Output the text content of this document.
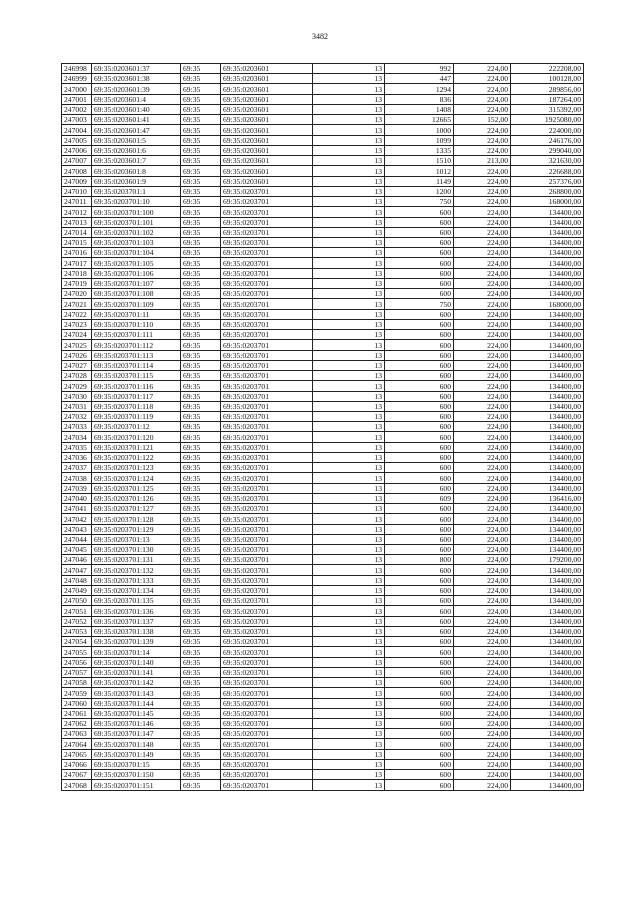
3482
246998	69:35:0203601:37	69:35	69:35:0203601	13	992	224,00	222208,00
246999	69:35:0203601:38	69:35	69:35:0203601	13	447	224,00	100128,00
247000	69:35:0203601:39	69:35	69:35:0203601	13	1294	224,00	289856,00
247001	69:35:0203601:4	69:35	69:35:0203601	13	836	224,00	187264,00
247002	69:35:0203601:40	69:35	69:35:0203601	13	1408	224,00	315392,00
247003	69:35:0203601:41	69:35	69:35:0203601	13	12665	152,00	1925080,00
247004	69:35:0203601:47	69:35	69:35:0203601	13	1000	224,00	224000,00
247005	69:35:0203601:5	69:35	69:35:0203601	13	1099	224,00	246176,00
247006	69:35:0203601:6	69:35	69:35:0203601	13	1335	224,00	299040,00
247007	69:35:0203601:7	69:35	69:35:0203601	13	1510	213,00	321630,00
247008	69:35:0203601:8	69:35	69:35:0203601	13	1012	224,00	226688,00
247009	69:35:0203601:9	69:35	69:35:0203601	13	1149	224,00	257376,00
247010	69:35:0203701:1	69:35	69:35:0203701	13	1200	224,00	268800,00
247011	69:35:0203701:10	69:35	69:35:0203701	13	750	224,00	168000,00
247012	69:35:0203701:100	69:35	69:35:0203701	13	600	224,00	134400,00
247013	69:35:0203701:101	69:35	69:35:0203701	13	600	224,00	134400,00
247014	69:35:0203701:102	69:35	69:35:0203701	13	600	224,00	134400,00
247015	69:35:0203701:103	69:35	69:35:0203701	13	600	224,00	134400,00
247016	69:35:0203701:104	69:35	69:35:0203701	13	600	224,00	134400,00
247017	69:35:0203701:105	69:35	69:35:0203701	13	600	224,00	134400,00
247018	69:35:0203701:106	69:35	69:35:0203701	13	600	224,00	134400,00
247019	69:35:0203701:107	69:35	69:35:0203701	13	600	224,00	134400,00
247020	69:35:0203701:108	69:35	69:35:0203701	13	600	224,00	134400,00
247021	69:35:0203701:109	69:35	69:35:0203701	13	750	224,00	168000,00
247022	69:35:0203701:11	69:35	69:35:0203701	13	600	224,00	134400,00
247023	69:35:0203701:110	69:35	69:35:0203701	13	600	224,00	134400,00
247024	69:35:0203701:111	69:35	69:35:0203701	13	600	224,00	134400,00
247025	69:35:0203701:112	69:35	69:35:0203701	13	600	224,00	134400,00
247026	69:35:0203701:113	69:35	69:35:0203701	13	600	224,00	134400,00
247027	69:35:0203701:114	69:35	69:35:0203701	13	600	224,00	134400,00
247028	69:35:0203701:115	69:35	69:35:0203701	13	600	224,00	134400,00
247029	69:35:0203701:116	69:35	69:35:0203701	13	600	224,00	134400,00
247030	69:35:0203701:117	69:35	69:35:0203701	13	600	224,00	134400,00
247031	69:35:0203701:118	69:35	69:35:0203701	13	600	224,00	134400,00
247032	69:35:0203701:119	69:35	69:35:0203701	13	600	224,00	134400,00
247033	69:35:0203701:12	69:35	69:35:0203701	13	600	224,00	134400,00
247034	69:35:0203701:120	69:35	69:35:0203701	13	600	224,00	134400,00
247035	69:35:0203701:121	69:35	69:35:0203701	13	600	224,00	134400,00
247036	69:35:0203701:122	69:35	69:35:0203701	13	600	224,00	134400,00
247037	69:35:0203701:123	69:35	69:35:0203701	13	600	224,00	134400,00
247038	69:35:0203701:124	69:35	69:35:0203701	13	600	224,00	134400,00
247039	69:35:0203701:125	69:35	69:35:0203701	13	600	224,00	134400,00
247040	69:35:0203701:126	69:35	69:35:0203701	13	609	224,00	136416,00
247041	69:35:0203701:127	69:35	69:35:0203701	13	600	224,00	134400,00
247042	69:35:0203701:128	69:35	69:35:0203701	13	600	224,00	134400,00
247043	69:35:0203701:129	69:35	69:35:0203701	13	600	224,00	134400,00
247044	69:35:0203701:13	69:35	69:35:0203701	13	600	224,00	134400,00
247045	69:35:0203701:130	69:35	69:35:0203701	13	600	224,00	134400,00
247046	69:35:0203701:131	69:35	69:35:0203701	13	800	224,00	179200,00
247047	69:35:0203701:132	69:35	69:35:0203701	13	600	224,00	134400,00
247048	69:35:0203701:133	69:35	69:35:0203701	13	600	224,00	134400,00
247049	69:35:0203701:134	69:35	69:35:0203701	13	600	224,00	134400,00
247050	69:35:0203701:135	69:35	69:35:0203701	13	600	224,00	134400,00
247051	69:35:0203701:136	69:35	69:35:0203701	13	600	224,00	134400,00
247052	69:35:0203701:137	69:35	69:35:0203701	13	600	224,00	134400,00
247053	69:35:0203701:138	69:35	69:35:0203701	13	600	224,00	134400,00
247054	69:35:0203701:139	69:35	69:35:0203701	13	600	224,00	134400,00
247055	69:35:0203701:14	69:35	69:35:0203701	13	600	224,00	134400,00
247056	69:35:0203701:140	69:35	69:35:0203701	13	600	224,00	134400,00
247057	69:35:0203701:141	69:35	69:35:0203701	13	600	224,00	134400,00
247058	69:35:0203701:142	69:35	69:35:0203701	13	600	224,00	134400,00
247059	69:35:0203701:143	69:35	69:35:0203701	13	600	224,00	134400,00
247060	69:35:0203701:144	69:35	69:35:0203701	13	600	224,00	134400,00
247061	69:35:0203701:145	69:35	69:35:0203701	13	600	224,00	134400,00
247062	69:35:0203701:146	69:35	69:35:0203701	13	600	224,00	134400,00
247063	69:35:0203701:147	69:35	69:35:0203701	13	600	224,00	134400,00
247064	69:35:0203701:148	69:35	69:35:0203701	13	600	224,00	134400,00
247065	69:35:0203701:149	69:35	69:35:0203701	13	600	224,00	134400,00
247066	69:35:0203701:15	69:35	69:35:0203701	13	600	224,00	134400,00
247067	69:35:0203701:150	69:35	69:35:0203701	13	600	224,00	134400,00
247068	69:35:0203701:151	69:35	69:35:0203701	13	600	224,00	134400,00
